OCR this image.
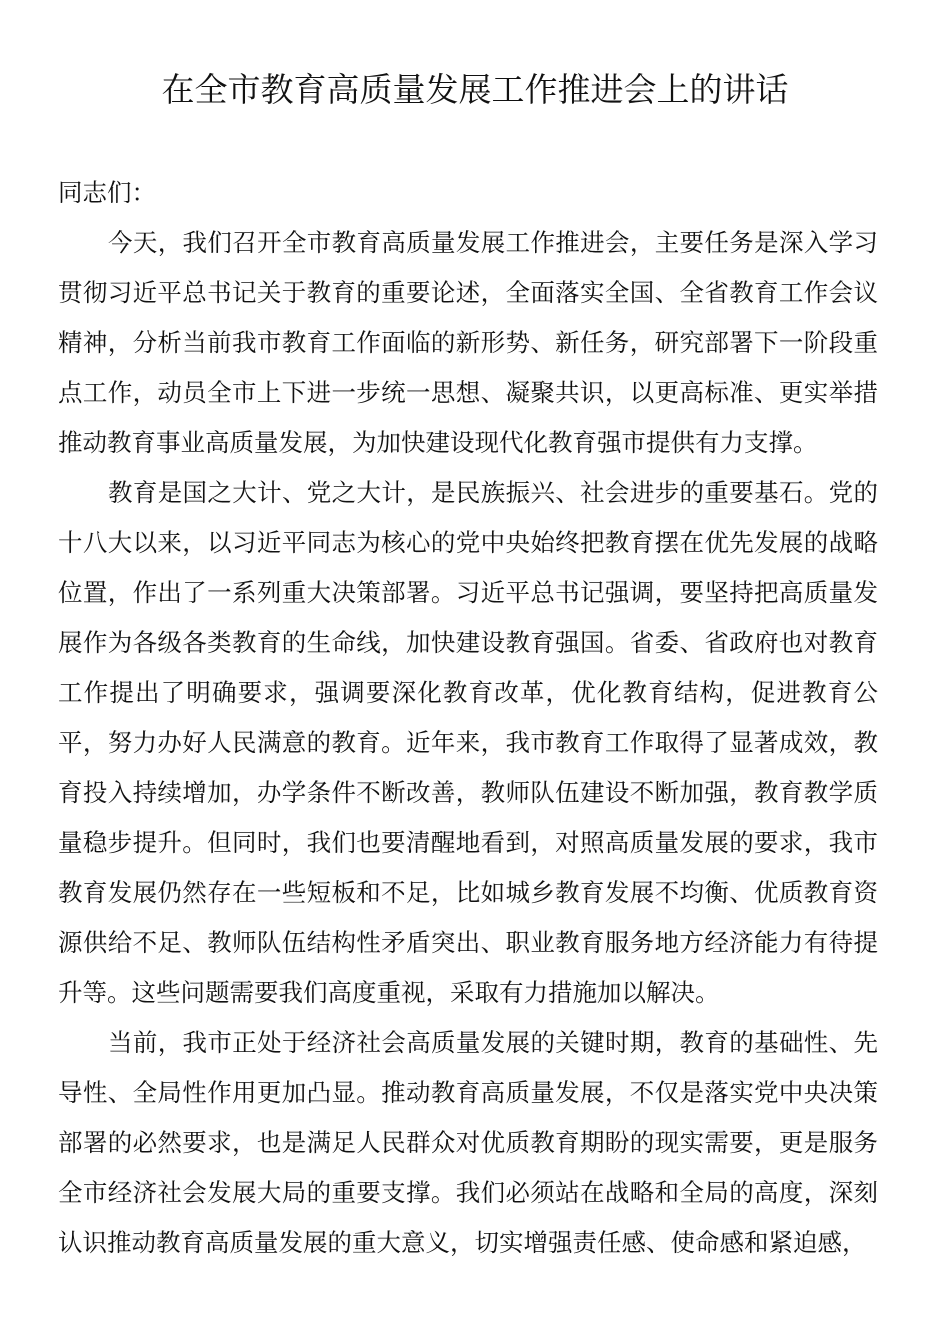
在全市教育高质量发展工作推进会上的讲话

同志们：

今天，我们召开全市教育高质量发展工作推进会，主要任务是深入学习贯彻习近平总书记关于教育的重要论述，全面落实全国、全省教育工作会议精神，分析当前我市教育工作面临的新形势、新任务，研究部署下一阶段重点工作，动员全市上下进一步统一思想、凝聚共识，以更高标准、更实举措推动教育事业高质量发展，为加快建设现代化教育强市提供有力支撑。

教育是国之大计、党之大计，是民族振兴、社会进步的重要基石。党的十八大以来，以习近平同志为核心的党中央始终把教育摆在优先发展的战略位置，作出了一系列重大决策部署。习近平总书记强调，要坚持把高质量发展作为各级各类教育的生命线，加快建设教育强国。省委、省政府也对教育工作提出了明确要求，强调要深化教育改革，优化教育结构，促进教育公平，努力办好人民满意的教育。近年来，我市教育工作取得了显著成效，教育投入持续增加，办学条件不断改善，教师队伍建设不断加强，教育教学质量稳步提升。但同时，我们也要清醒地看到，对照高质量发展的要求，我市教育发展仍然存在一些短板和不足，比如城乡教育发展不均衡、优质教育资源供给不足、教师队伍结构性矛盾突出、职业教育服务地方经济能力有待提升等。这些问题需要我们高度重视，采取有力措施加以解决。

当前，我市正处于经济社会高质量发展的关键时期，教育的基础性、先导性、全局性作用更加凸显。推动教育高质量发展，不仅是落实党中央决策部署的必然要求，也是满足人民群众对优质教育期盼的现实需要，更是服务全市经济社会发展大局的重要支撑。我们必须站在战略和全局的高度，深刻认识推动教育高质量发展的重大意义，切实增强责任感、使命感和紧迫感，
